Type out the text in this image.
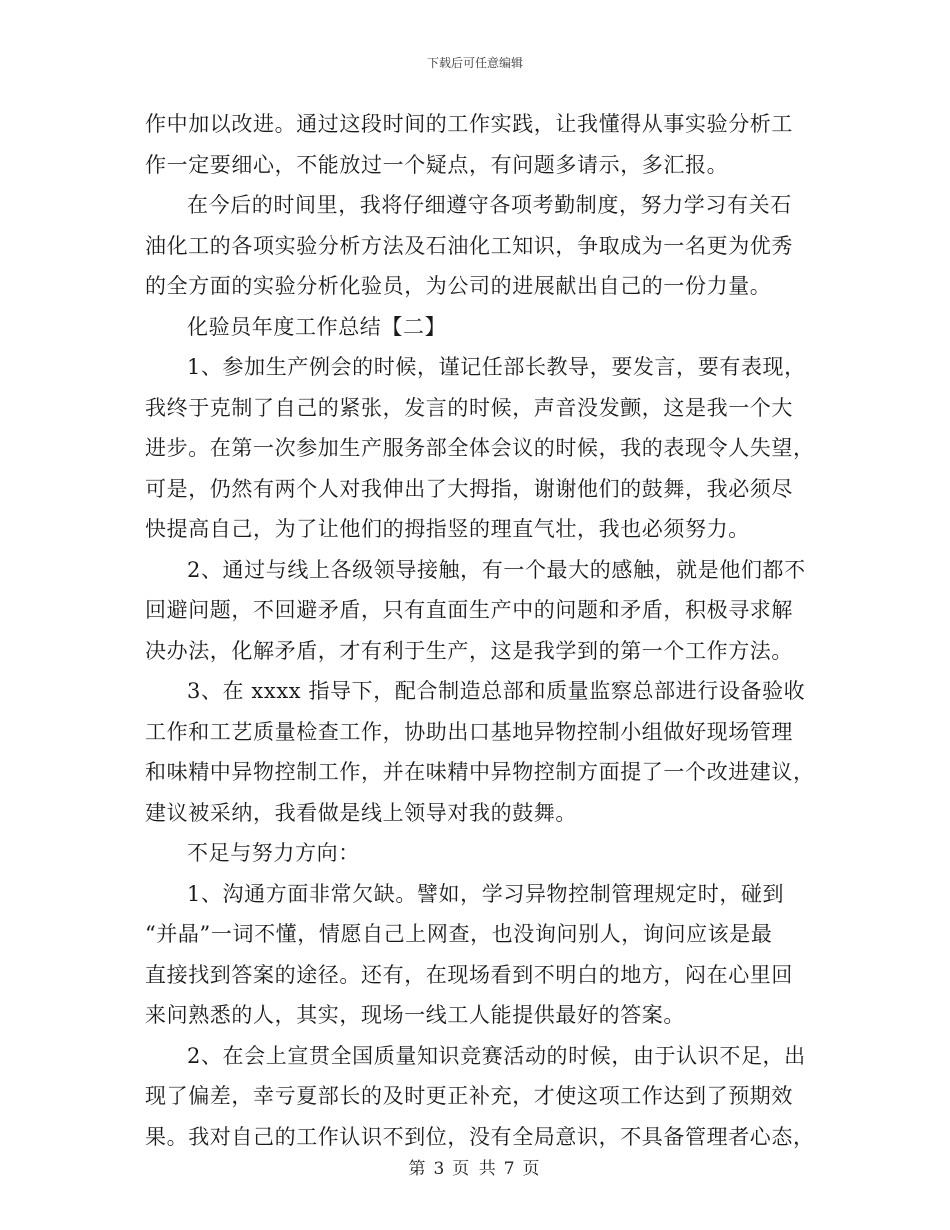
下载后可任意编辑
作中加以改进。通过这段时间的工作实践，让我懂得从事实验分析工
作一定要细心，不能放过一个疑点，有问题多请示，多汇报。
在今后的时间里，我将仔细遵守各项考勤制度，努力学习有关石
油化工的各项实验分析方法及石油化工知识，争取成为一名更为优秀
的全方面的实验分析化验员，为公司的进展献出自己的一份力量。
化验员年度工作总结【二】
1、参加生产例会的时候，谨记任部长教导，要发言，要有表现，
我终于克制了自己的紧张，发言的时候，声音没发颤，这是我一个大
进步。在第一次参加生产服务部全体会议的时候，我的表现令人失望，
可是，仍然有两个人对我伸出了大拇指，谢谢他们的鼓舞，我必须尽
快提高自己，为了让他们的拇指竖的理直气壮，我也必须努力。
2、通过与线上各级领导接触，有一个最大的感触，就是他们都不
回避问题，不回避矛盾，只有直面生产中的问题和矛盾，积极寻求解
决办法，化解矛盾，才有利于生产，这是我学到的第一个工作方法。
3、在 xxxx 指导下，配合制造总部和质量监察总部进行设备验收
工作和工艺质量检查工作，协助出口基地异物控制小组做好现场管理
和味精中异物控制工作，并在味精中异物控制方面提了一个改进建议，
建议被采纳，我看做是线上领导对我的鼓舞。
不足与努力方向：
1、沟通方面非常欠缺。譬如，学习异物控制管理规定时，碰到
“并晶”一词不懂，情愿自己上网查，也没询问别人，询问应该是最
直接找到答案的途径。还有，在现场看到不明白的地方，闷在心里回
来问熟悉的人，其实，现场一线工人能提供最好的答案。
2、在会上宣贯全国质量知识竞赛活动的时候，由于认识不足，出
现了偏差，幸亏夏部长的及时更正补充，才使这项工作达到了预期效
果。我对自己的工作认识不到位，没有全局意识，不具备管理者心态，
第 3 页 共 7 页
